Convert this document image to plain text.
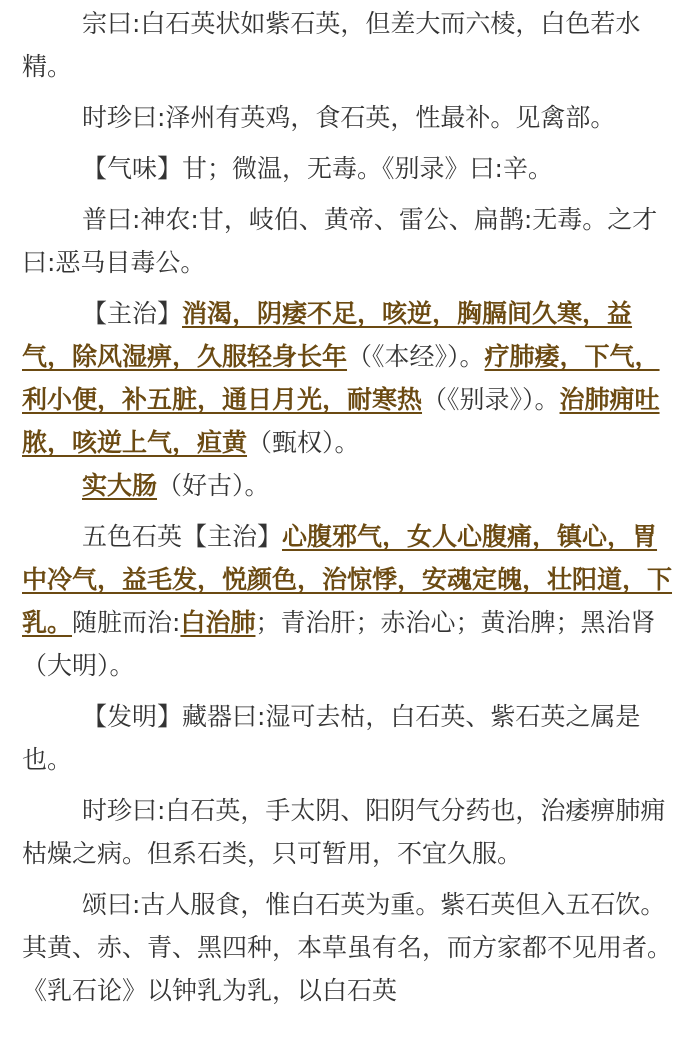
宗曰:白石英状如紫石英，但差大而六棱，白色若水精。

时珍曰:泽州有英鸡，食石英，性最补。见禽部。

【气味】甘；微温，无毒。《别录》曰:辛。

普曰:神农:甘，岐伯、黄帝、雷公、扁鹊:无毒。之才曰:恶马目毒公。

【主治】消渴，阴痿不足，咳逆，胸膈间久寒，益气，除风湿痹，久服轻身长年（《本经》）。疗肺痿，下气，利小便，补五脏，通日月光，耐寒热（《别录》）。治肺痈吐脓，咳逆上气，疸黄（甄权）。

实大肠（好古）。

五色石英【主治】心腹邪气，女人心腹痛，镇心，胃中冷气，益毛发，悦颜色，治惊悸，安魂定魄，壮阳道，下乳。随脏而治:白治肺；青治肝；赤治心；黄治脾；黑治肾（大明）。

【发明】藏器曰:湿可去枯，白石英、紫石英之属是也。

时珍曰:白石英，手太阴、阳阴气分药也，治痿痹肺痈枯燥之病。但系石类，只可暂用，不宜久服。

颂曰:古人服食，惟白石英为重。紫石英但入五石饮。其黄、赤、青、黑四种，本草虽有名，而方家都不见用者。《乳石论》以钟乳为乳，以白石英
